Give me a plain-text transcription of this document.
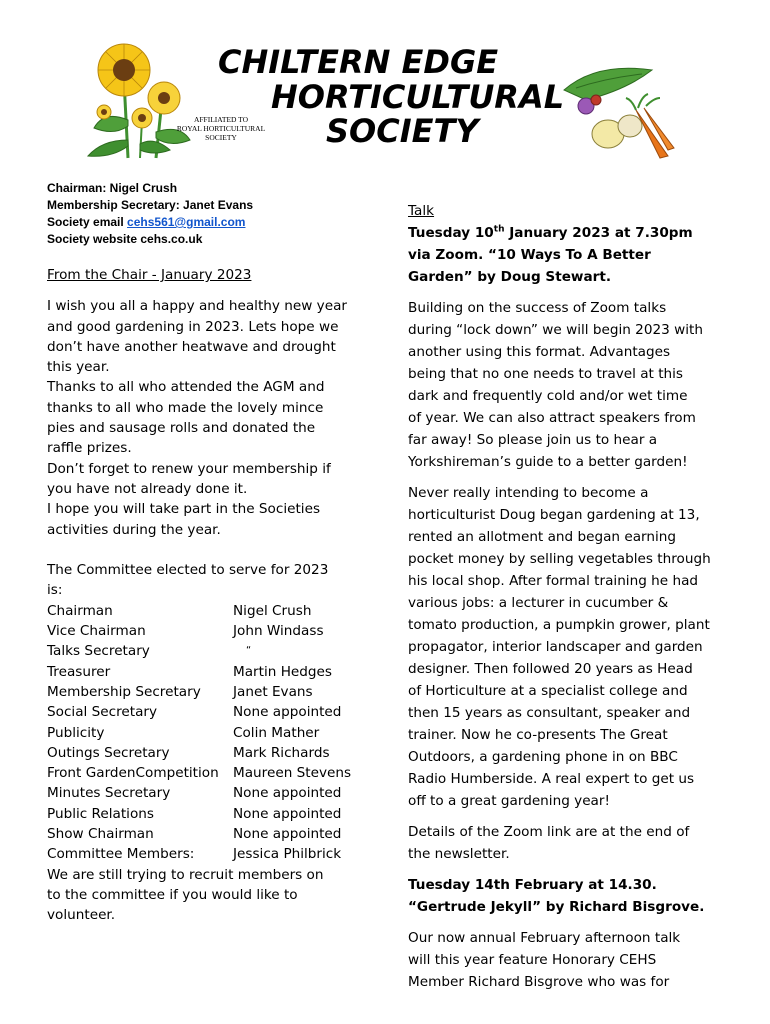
AFFILIATED TO
ROYAL HORTICULTURAL
SOCIETY
CHILTERN EDGE
HORTICULTURAL
SOCIETY
Chairman: Nigel Crush
Membership Secretary: Janet Evans
Society email cehs561@gmail.com
Society website cehs.co.uk
From the Chair - January 2023
I wish you all a happy and healthy new year
and good gardening in 2023. Lets hope we
don’t have another heatwave and drought
this year.
Thanks to all who attended the AGM and
thanks to all who made the lovely mince
pies and sausage rolls and donated the
raffle prizes.
Don’t forget to renew your membership if
you have not already done it.
I hope you will take part in the Societies
activities during the year.
The Committee elected to serve for 2023
is:
Chairman	Nigel Crush
Vice Chairman	John Windass
Talks Secretary	“
Treasurer	Martin Hedges
Membership Secretary	Janet Evans
Social Secretary	None appointed
Publicity	Colin Mather
Outings Secretary	Mark Richards
Front GardenCompetition	Maureen Stevens
Minutes Secretary	None appointed
Public Relations	None appointed
Show Chairman	None appointed
Committee Members:	Jessica Philbrick
We are still trying to recruit members on
to the committee if you would like to
volunteer.
Talk
Tuesday 10th January 2023 at 7.30pm
via Zoom. “10 Ways To A Better
Garden” by Doug Stewart.
Building on the success of Zoom talks
during “lock down” we will begin 2023 with
another using this format. Advantages
being that no one needs to travel at this
dark and frequently cold and/or wet time
of year. We can also attract speakers from
far away! So please join us to hear a
Yorkshireman’s guide to a better garden!
Never really intending to become a
horticulturist Doug began gardening at 13,
rented an allotment and began earning
pocket money by selling vegetables through
his local shop. After formal training he had
various jobs: a lecturer in cucumber &
tomato production, a pumpkin grower, plant
propagator, interior landscaper and garden
designer. Then followed 20 years as Head
of Horticulture at a specialist college and
then 15 years as consultant, speaker and
trainer. Now he co-presents The Great
Outdoors, a gardening phone in on BBC
Radio Humberside. A real expert to get us
off to a great gardening year!
Details of the Zoom link are at the end of
the newsletter.
Tuesday 14th February at 14.30.
“Gertrude Jekyll” by Richard Bisgrove.
Our now annual February afternoon talk
will this year feature Honorary CEHS
Member Richard Bisgrove who was for
